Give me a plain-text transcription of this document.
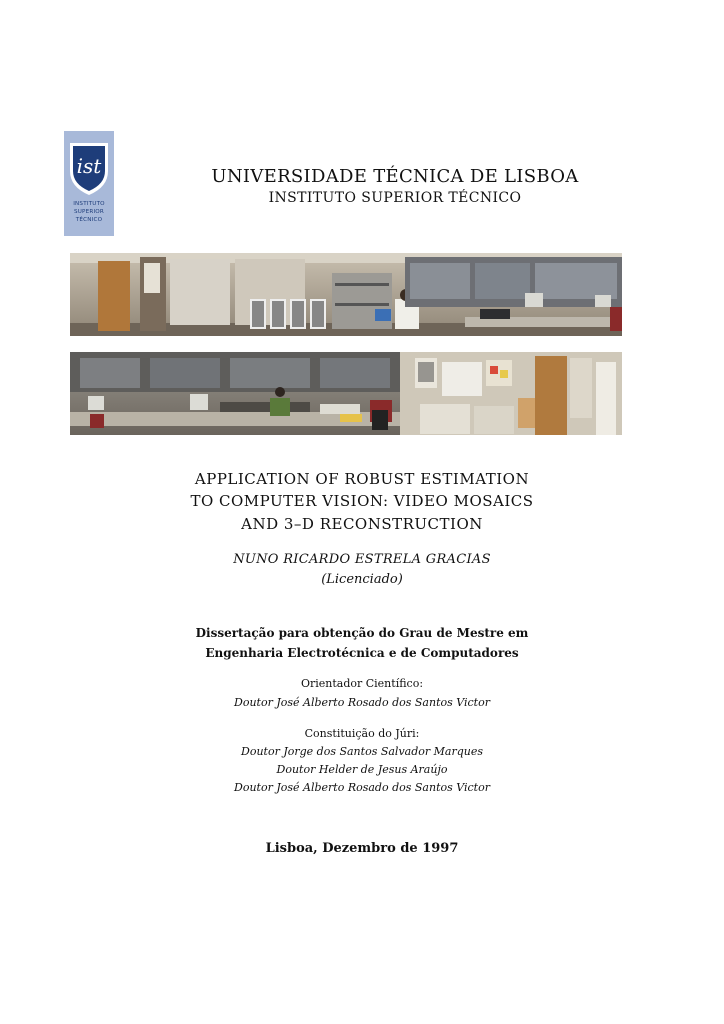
ist
INSTITUTO
SUPERIOR
TÉCNICO
UNIVERSIDADE TÉCNICA DE LISBOA
INSTITUTO SUPERIOR TÉCNICO
APPLICATION OF ROBUST ESTIMATION
TO COMPUTER VISION: VIDEO MOSAICS
AND 3–D RECONSTRUCTION
NUNO RICARDO ESTRELA GRACIAS
(Licenciado)
Dissertação para obtenção do Grau de Mestre em
Engenharia Electrotécnica e de Computadores
Orientador Científico:
Doutor José Alberto Rosado dos Santos Victor
Constituição do Júri:
Doutor Jorge dos Santos Salvador Marques
Doutor Helder de Jesus Araújo
Doutor José Alberto Rosado dos Santos Victor
Lisboa, Dezembro de 1997
